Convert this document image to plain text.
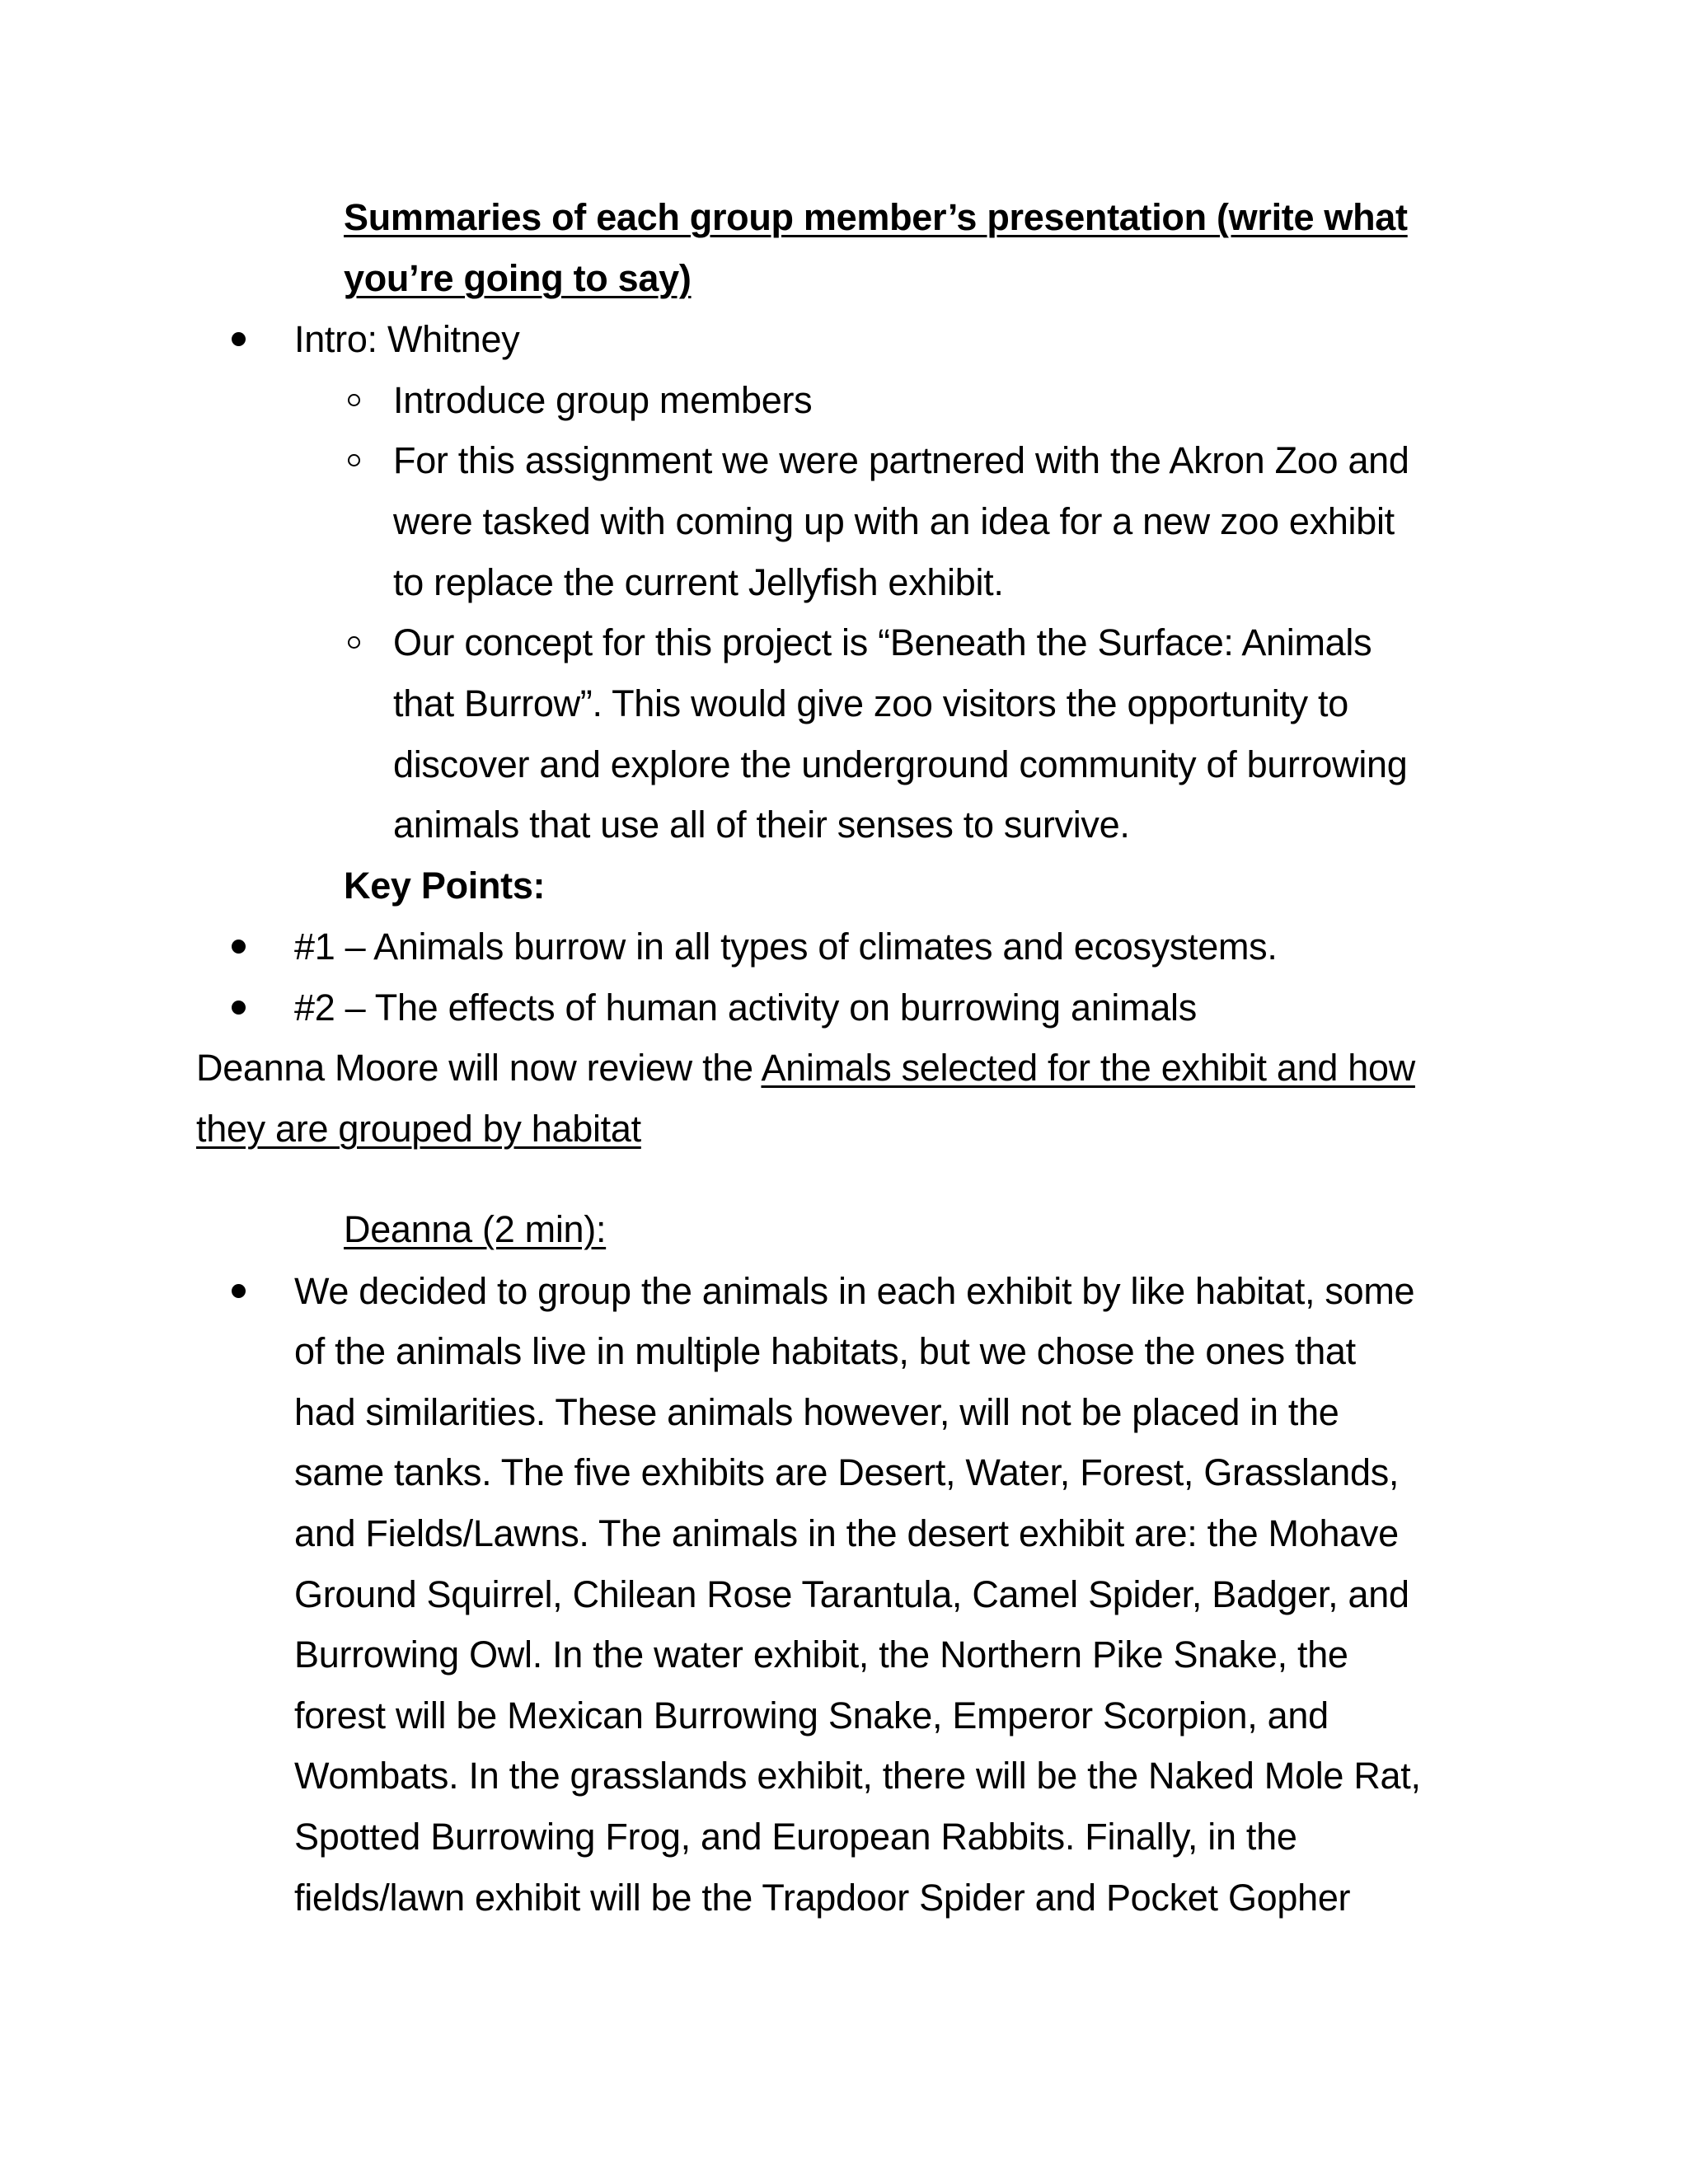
Summaries of each group member’s presentation (write what
you’re going to say)
Intro: Whitney
Introduce group members
For this assignment we were partnered with the Akron Zoo and
were tasked with coming up with an idea for a new zoo exhibit
to replace the current Jellyfish exhibit.
Our concept for this project is “Beneath the Surface: Animals
that Burrow”. This would give zoo visitors the opportunity to
discover and explore the underground community of burrowing
animals that use all of their senses to survive.
Key Points:
#1 – Animals burrow in all types of climates and ecosystems.
#2 – The effects of human activity on burrowing animals
Deanna Moore will now review the Animals selected for the exhibit and how
they are grouped by habitat
Deanna (2 min):
We decided to group the animals in each exhibit by like habitat, some
of the animals live in multiple habitats, but we chose the ones that
had similarities. These animals however, will not be placed in the
same tanks. The five exhibits are Desert, Water, Forest, Grasslands,
and Fields/Lawns. The animals in the desert exhibit are: the Mohave
Ground Squirrel, Chilean Rose Tarantula, Camel Spider, Badger, and
Burrowing Owl. In the water exhibit, the Northern Pike Snake, the
forest will be Mexican Burrowing Snake, Emperor Scorpion, and
Wombats. In the grasslands exhibit, there will be the Naked Mole Rat,
Spotted Burrowing Frog, and European Rabbits. Finally, in the
fields/lawn exhibit will be the Trapdoor Spider and Pocket Gopher
